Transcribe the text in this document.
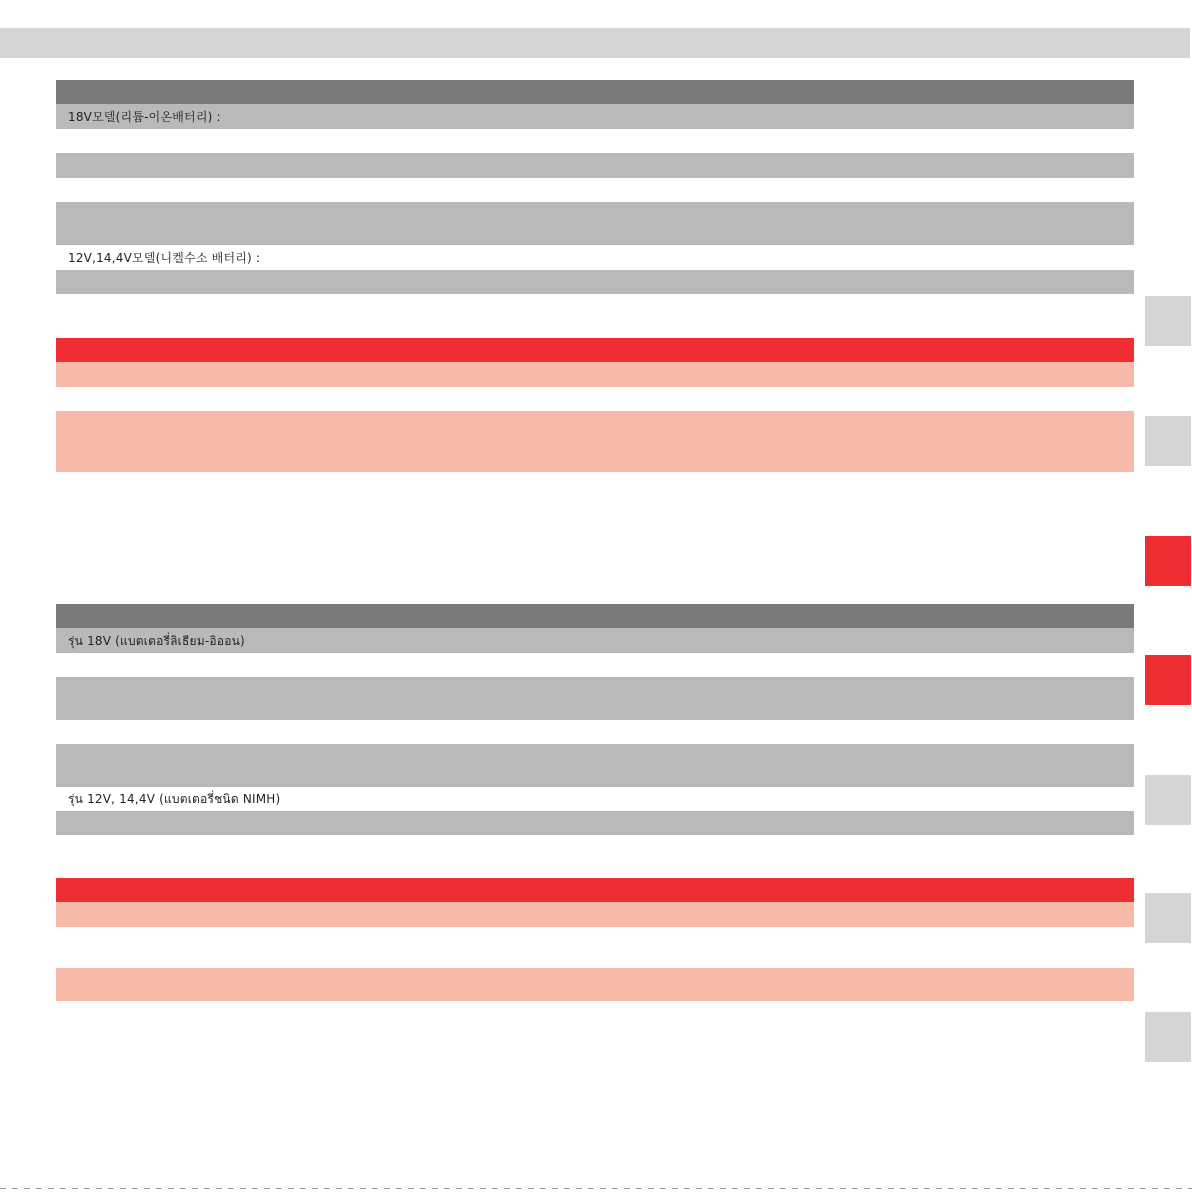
18V모델(리튬-이온배터리) :
12V,14,4V모델(니켈수소 배터리) :
รุ่น 18V (แบตเตอรี่ลิเธียม-อิออน)
รุ่น 12V, 14,4V (แบตเตอรี่ชนิด NIMH)
